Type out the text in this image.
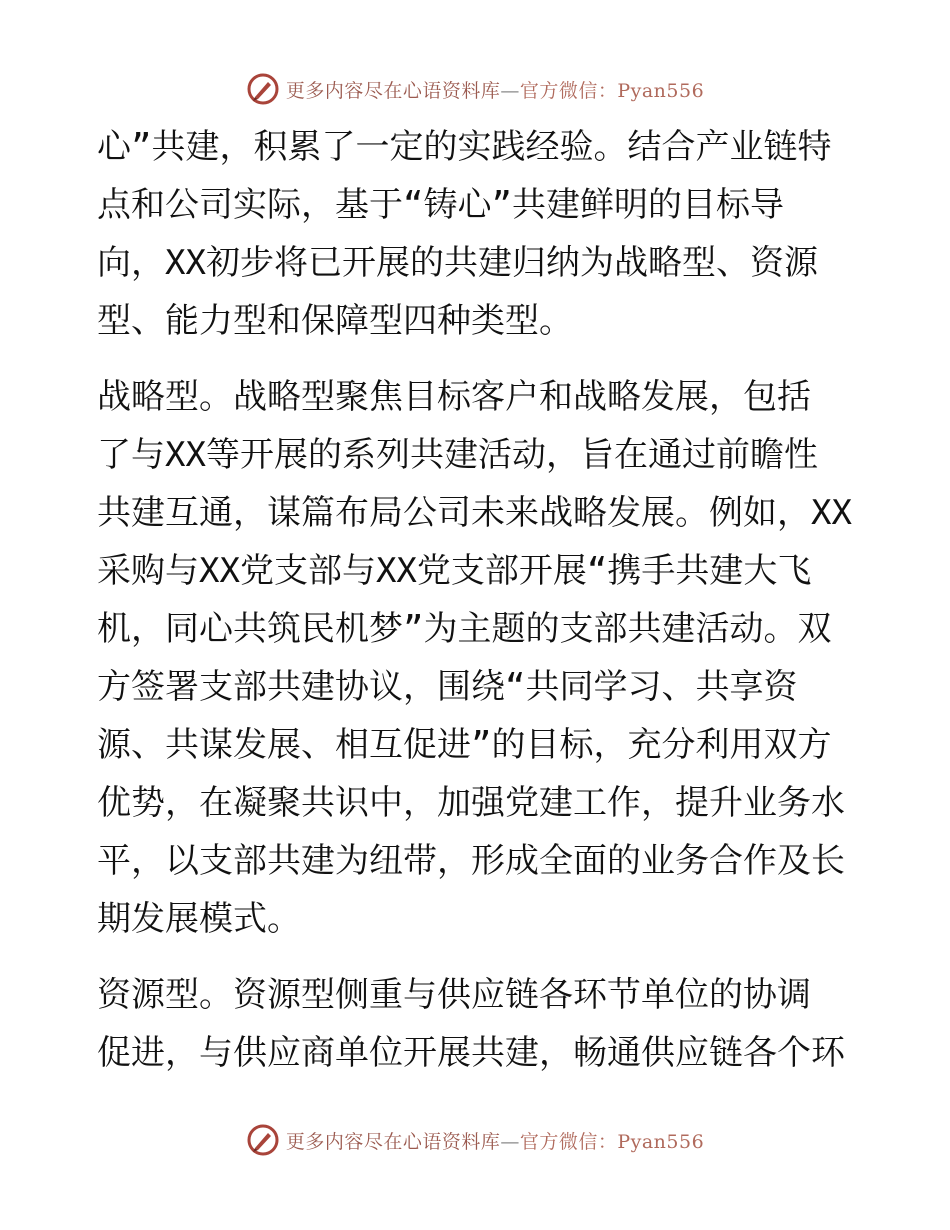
更多内容尽在心语资料库—官方微信：Pyan556
心”共建，积累了一定的实践经验。结合产业链特
点和公司实际，基于“铸心”共建鲜明的目标导
向，XX初步将已开展的共建归纳为战略型、资源
型、能力型和保障型四种类型。
战略型。战略型聚焦目标客户和战略发展，包括
了与XX等开展的系列共建活动，旨在通过前瞻性
共建互通，谋篇布局公司未来战略发展。例如，XX
采购与XX党支部与XX党支部开展“携手共建大飞
机，同心共筑民机梦”为主题的支部共建活动。双
方签署支部共建协议，围绕“共同学习、共享资
源、共谋发展、相互促进”的目标，充分利用双方
优势，在凝聚共识中，加强党建工作，提升业务水
平，以支部共建为纽带，形成全面的业务合作及长
期发展模式。
资源型。资源型侧重与供应链各环节单位的协调
促进，与供应商单位开展共建，畅通供应链各个环
更多内容尽在心语资料库—官方微信：Pyan556
